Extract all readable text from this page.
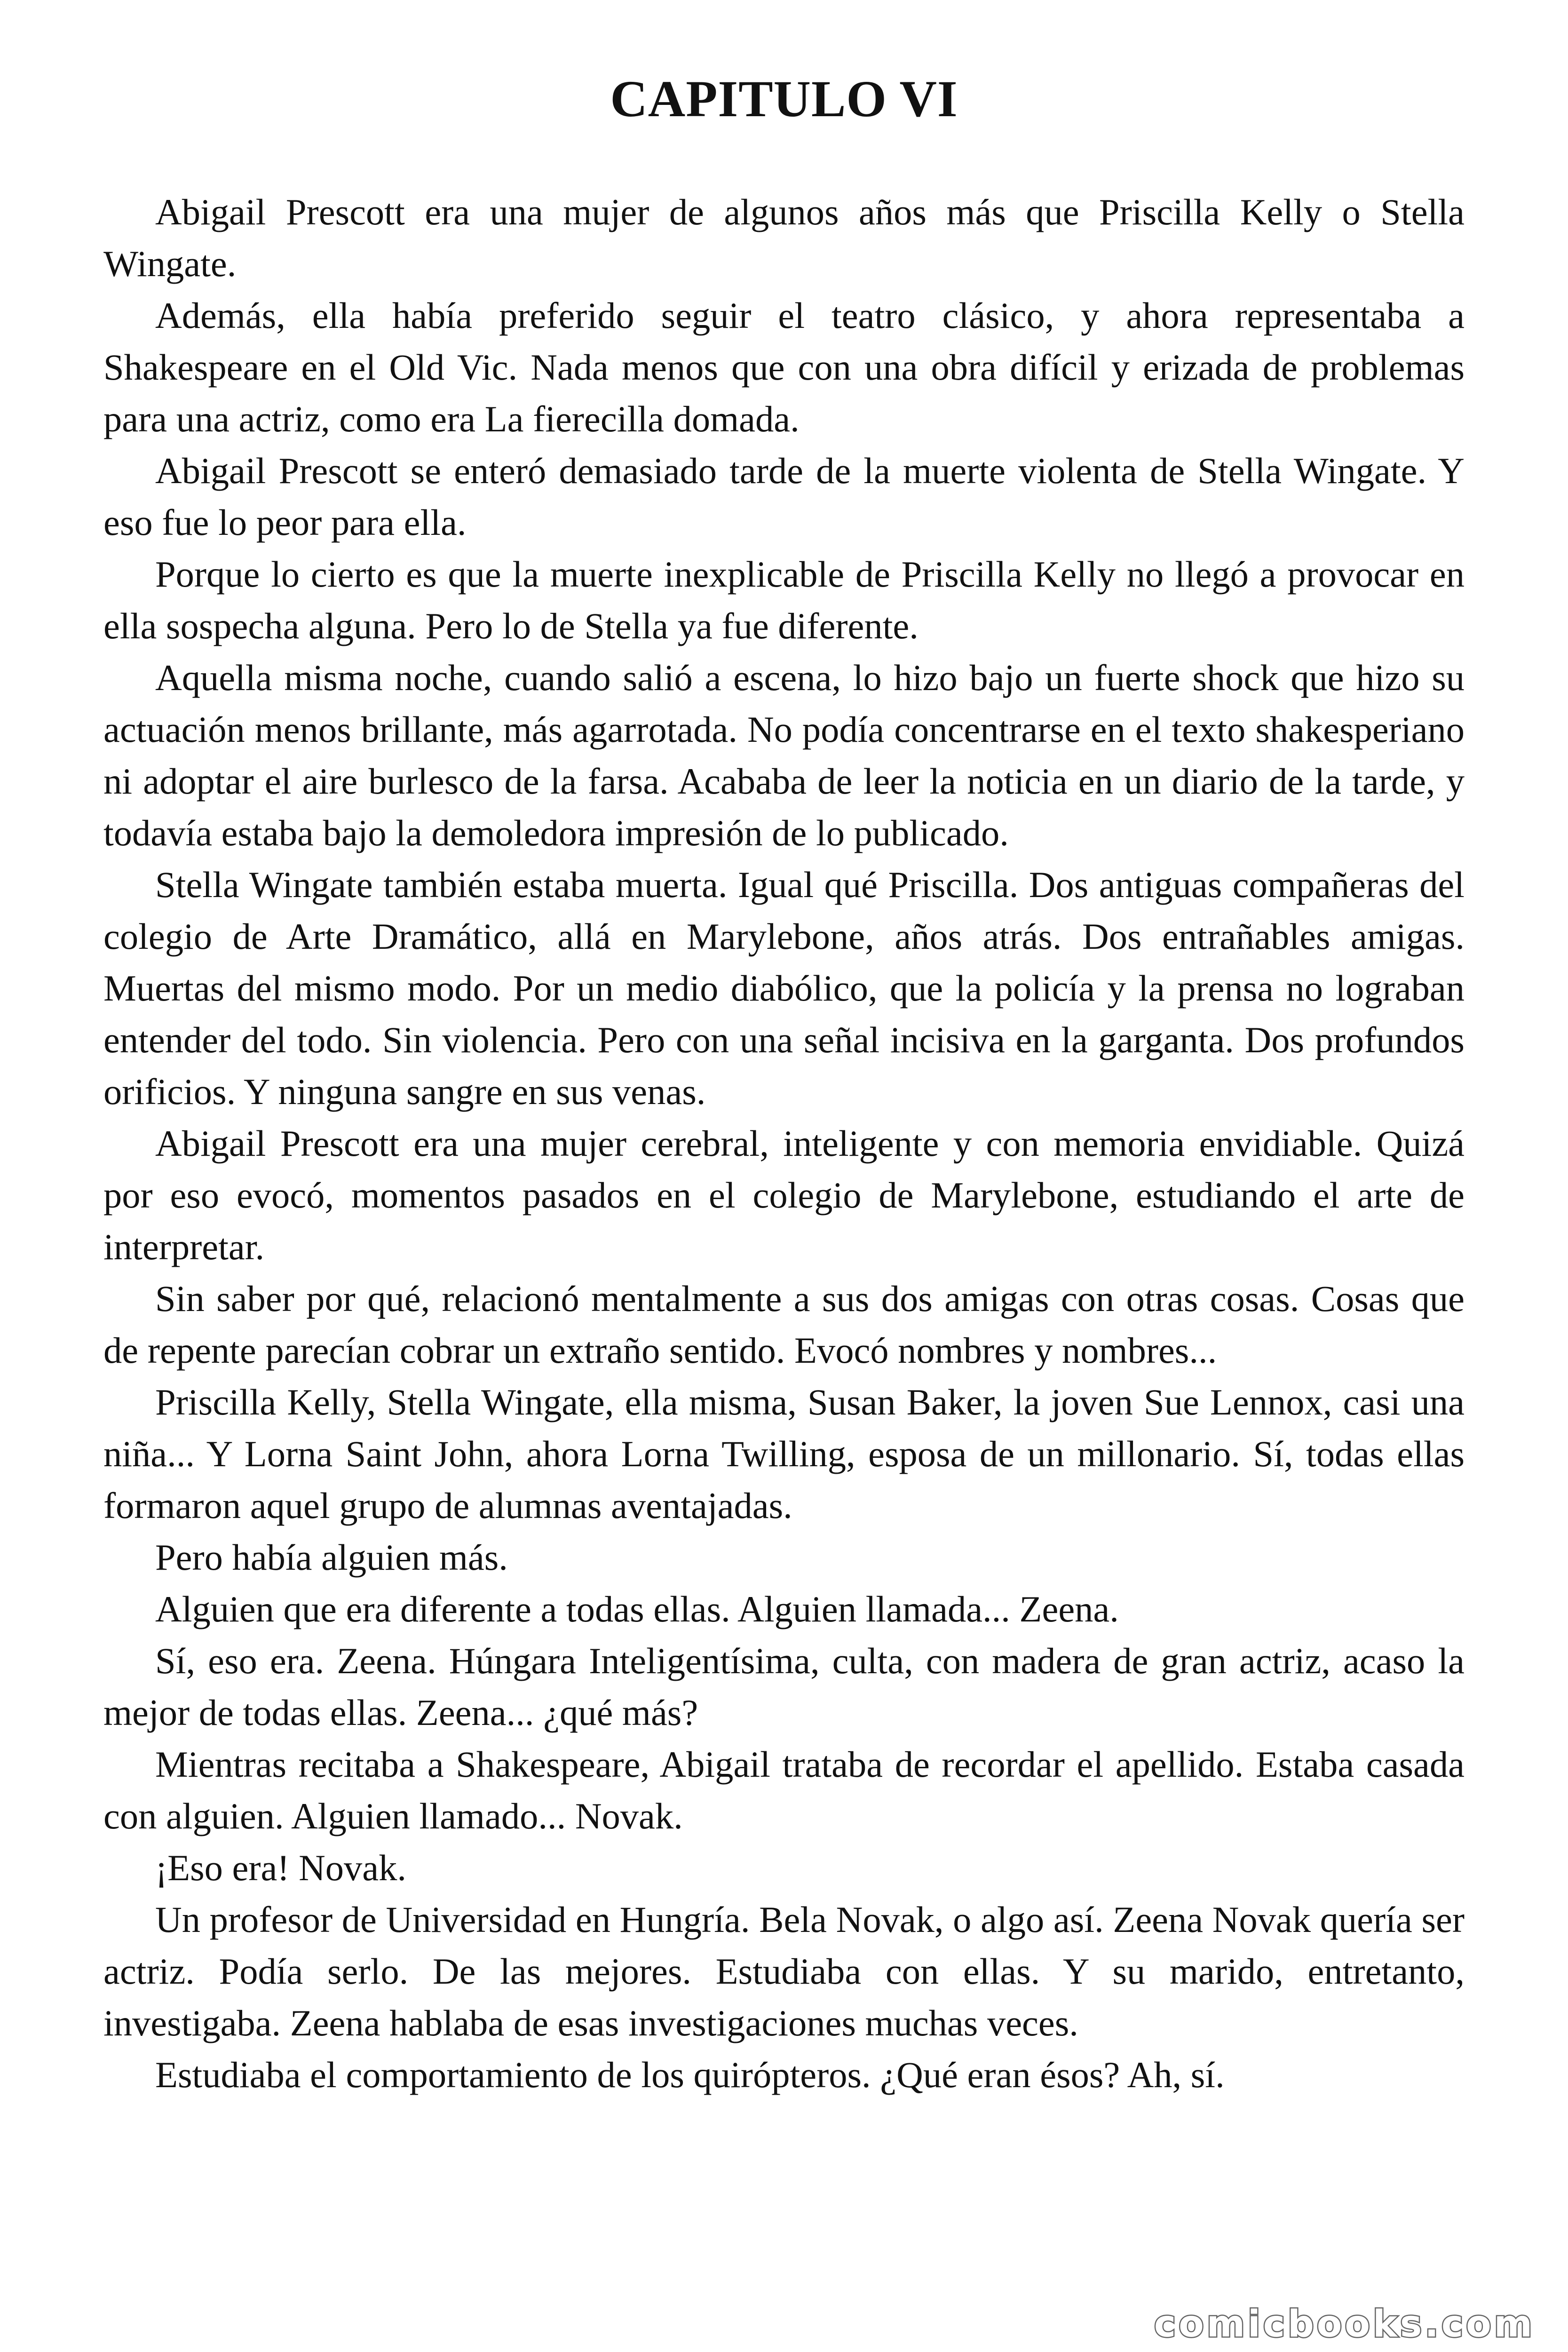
CAPITULO VI

Abigail Prescott era una mujer de algunos años más que Priscilla Kelly o Stella Wingate.

Además, ella había preferido seguir el teatro clásico, y ahora representaba a Shakespeare en el Old Vic. Nada menos que con una obra difícil y erizada de problemas para una actriz, como era La fierecilla domada.

Abigail Prescott se enteró demasiado tarde de la muerte violenta de Stella Wingate. Y eso fue lo peor para ella.

Porque lo cierto es que la muerte inexplicable de Priscilla Kelly no llegó a provocar en ella sospecha alguna. Pero lo de Stella ya fue diferente.

Aquella misma noche, cuando salió a escena, lo hizo bajo un fuerte shock que hizo su actuación menos brillante, más agarrotada. No podía concentrarse en el texto shakesperiano ni adoptar el aire burlesco de la farsa. Acababa de leer la noticia en un diario de la tarde, y todavía estaba bajo la demoledora impresión de lo publicado.

Stella Wingate también estaba muerta. Igual qué Priscilla. Dos antiguas compañeras del colegio de Arte Dramático, allá en Marylebone, años atrás. Dos entrañables amigas. Muertas del mismo modo. Por un medio diabólico, que la policía y la prensa no lograban entender del todo. Sin violencia. Pero con una señal incisiva en la garganta. Dos profundos orificios. Y ninguna sangre en sus venas.

Abigail Prescott era una mujer cerebral, inteligente y con memoria envidiable. Quizá por eso evocó, momentos pasados en el colegio de Marylebone, estudiando el arte de interpretar.

Sin saber por qué, relacionó mentalmente a sus dos amigas con otras cosas. Cosas que de repente parecían cobrar un extraño sentido. Evocó nombres y nombres...

Priscilla Kelly, Stella Wingate, ella misma, Susan Baker, la joven Sue Lennox, casi una niña... Y Lorna Saint John, ahora Lorna Twilling, esposa de un millonario. Sí, todas ellas formaron aquel grupo de alumnas aventajadas.

Pero había alguien más.

Alguien que era diferente a todas ellas. Alguien llamada... Zeena.

Sí, eso era. Zeena. Húngara Inteligentísima, culta, con madera de gran actriz, acaso la mejor de todas ellas. Zeena... ¿qué más?

Mientras recitaba a Shakespeare, Abigail trataba de recordar el apellido. Estaba casada con alguien. Alguien llamado... Novak.

¡Eso era! Novak.

Un profesor de Universidad en Hungría. Bela Novak, o algo así. Zeena Novak quería ser actriz. Podía serlo. De las mejores. Estudiaba con ellas. Y su marido, entretanto, investigaba. Zeena hablaba de esas investigaciones muchas veces.

Estudiaba el comportamiento de los quirópteros. ¿Qué eran ésos? Ah, sí.

comicbooks.com
